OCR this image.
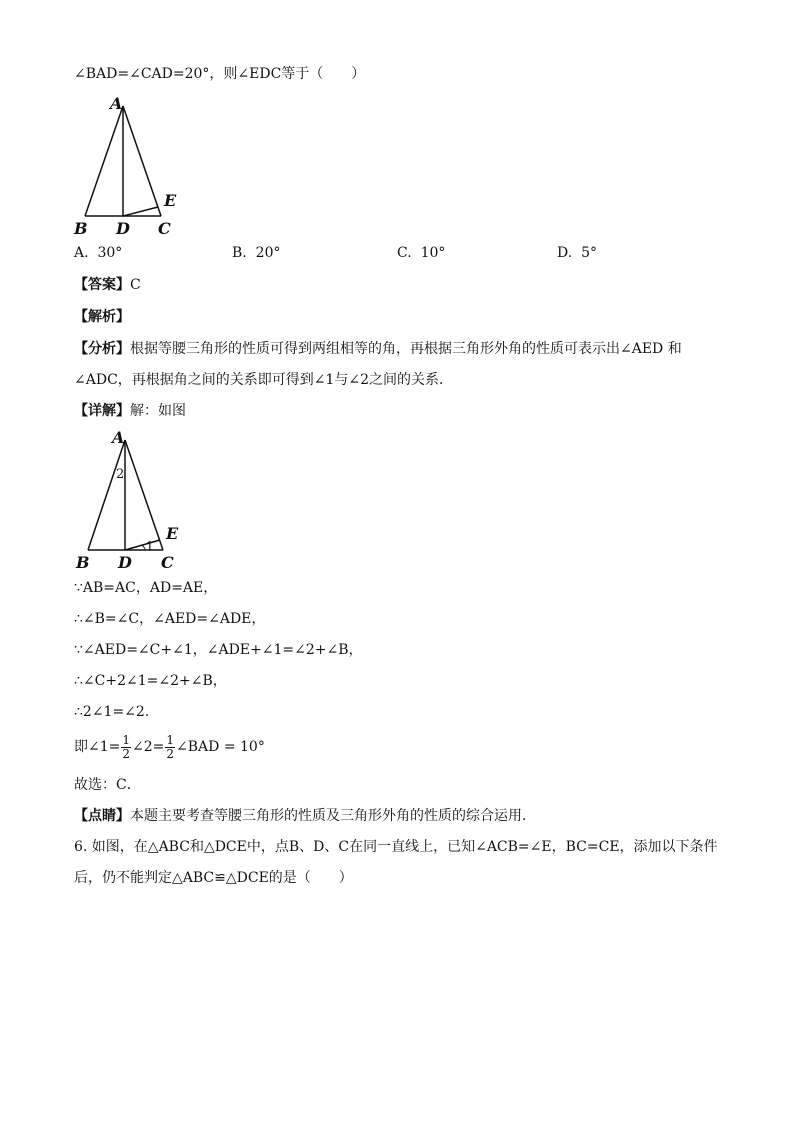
∠BAD=∠CAD=20°，则∠EDC等于（　　）
A
B D C
E
A. 30°	B. 20°	C. 10°	D. 5°
【答案】C
【解析】
【分析】根据等腰三角形的性质可得到两组相等的角，再根据三角形外角的性质可表示出∠AED 和
∠ADC，再根据角之间的关系即可得到∠1与∠2之间的关系．
【详解】解：如图
A
B D C
E
2
1
∵AB=AC，AD=AE，
∴∠B=∠C，∠AED=∠ADE，
∵∠AED=∠C+∠1，∠ADE+∠1=∠2+∠B，
∴∠C+2∠1=∠2+∠B，
∴2∠1=∠2．
即∠1= $\frac{1}{2}$ ∠2= $\frac{1}{2}$ ∠BAD = 10°
故选：C．
【点睛】本题主要考查等腰三角形的性质及三角形外角的性质的综合运用．
6. 如图，在△ABC和△DCE中，点B、D、C在同一直线上，已知∠ACB=∠E，BC=CE，添加以下条件
后，仍不能判定△ABC≌△DCE的是（　　）
